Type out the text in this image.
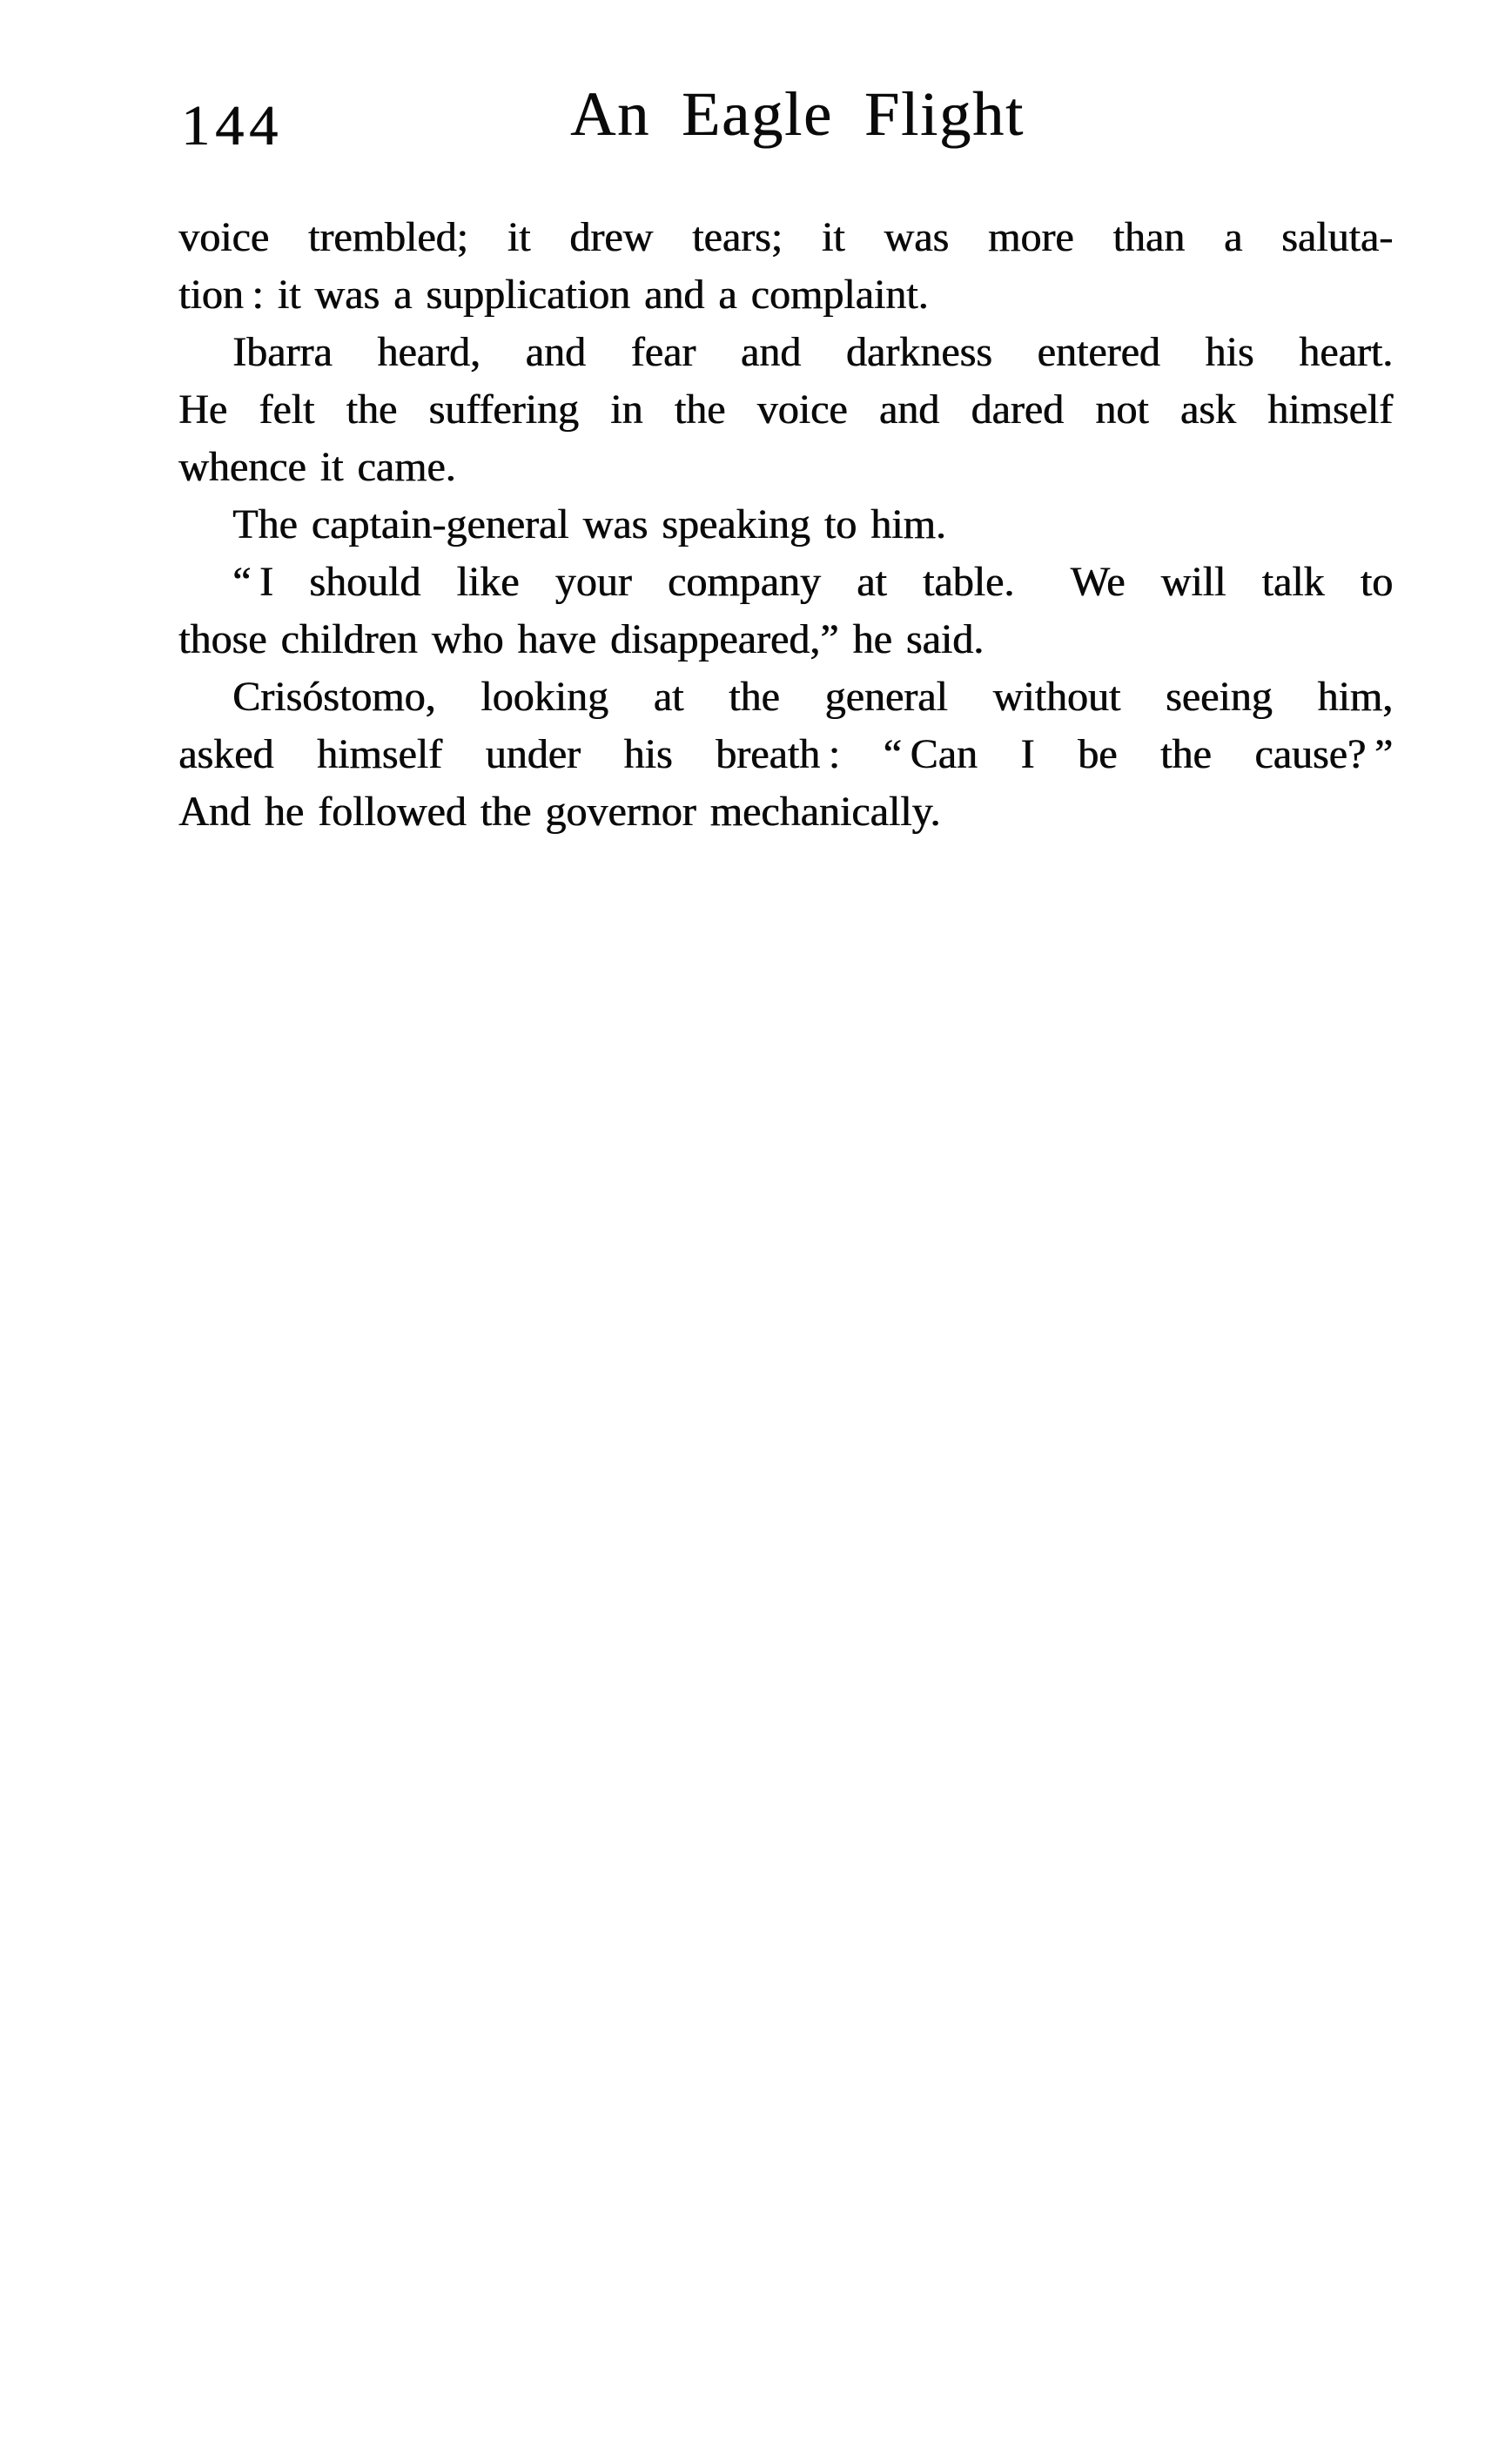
144	An Eagle Flight
voice trembled; it drew tears; it was more than a saluta-
tion : it was a supplication and a complaint.
Ibarra heard, and fear and darkness entered his heart.
He felt the suffering in the voice and dared not ask himself
whence it came.
The captain-general was speaking to him.
“ I should like your company at table.  We will talk to
those children who have disappeared,” he said.
Crisóstomo, looking at the general without seeing him,
asked himself under his breath : “ Can I be the cause? ”
And he followed the governor mechanically.
